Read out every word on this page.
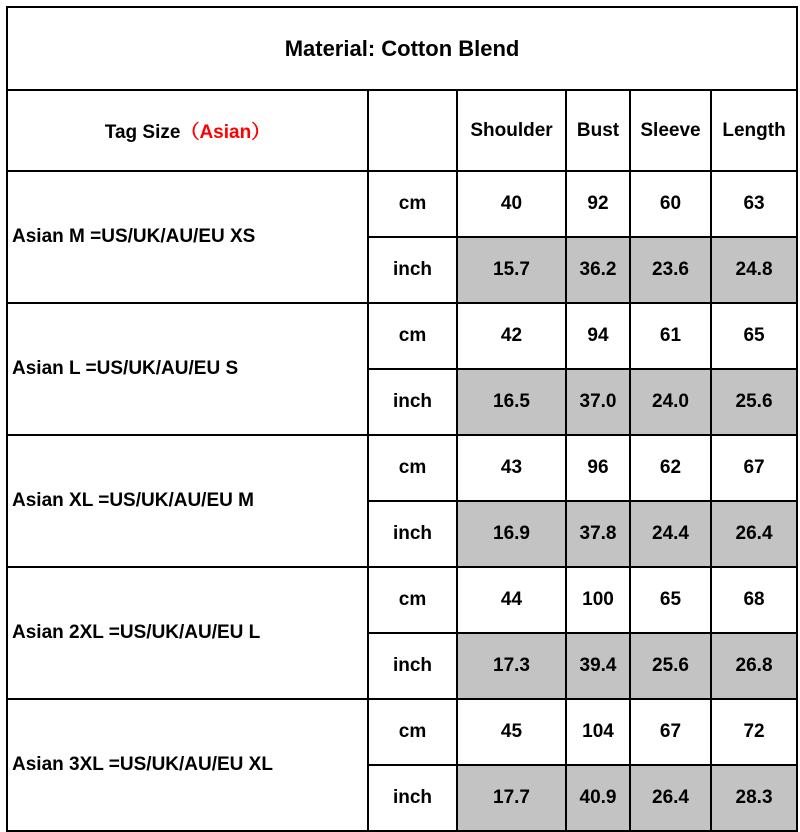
Material: Cotton Blend					
Tag Size（Asian）		Shoulder	Bust	Sleeve	Length
Asian M =US/UK/AU/EU XS	cm	40	92	60	63
	inch	15.7	36.2	23.6	24.8
Asian L =US/UK/AU/EU S	cm	42	94	61	65
	inch	16.5	37.0	24.0	25.6
Asian XL =US/UK/AU/EU M	cm	43	96	62	67
	inch	16.9	37.8	24.4	26.4
Asian 2XL =US/UK/AU/EU L	cm	44	100	65	68
	inch	17.3	39.4	25.6	26.8
Asian 3XL =US/UK/AU/EU XL	cm	45	104	67	72
	inch	17.7	40.9	26.4	28.3
